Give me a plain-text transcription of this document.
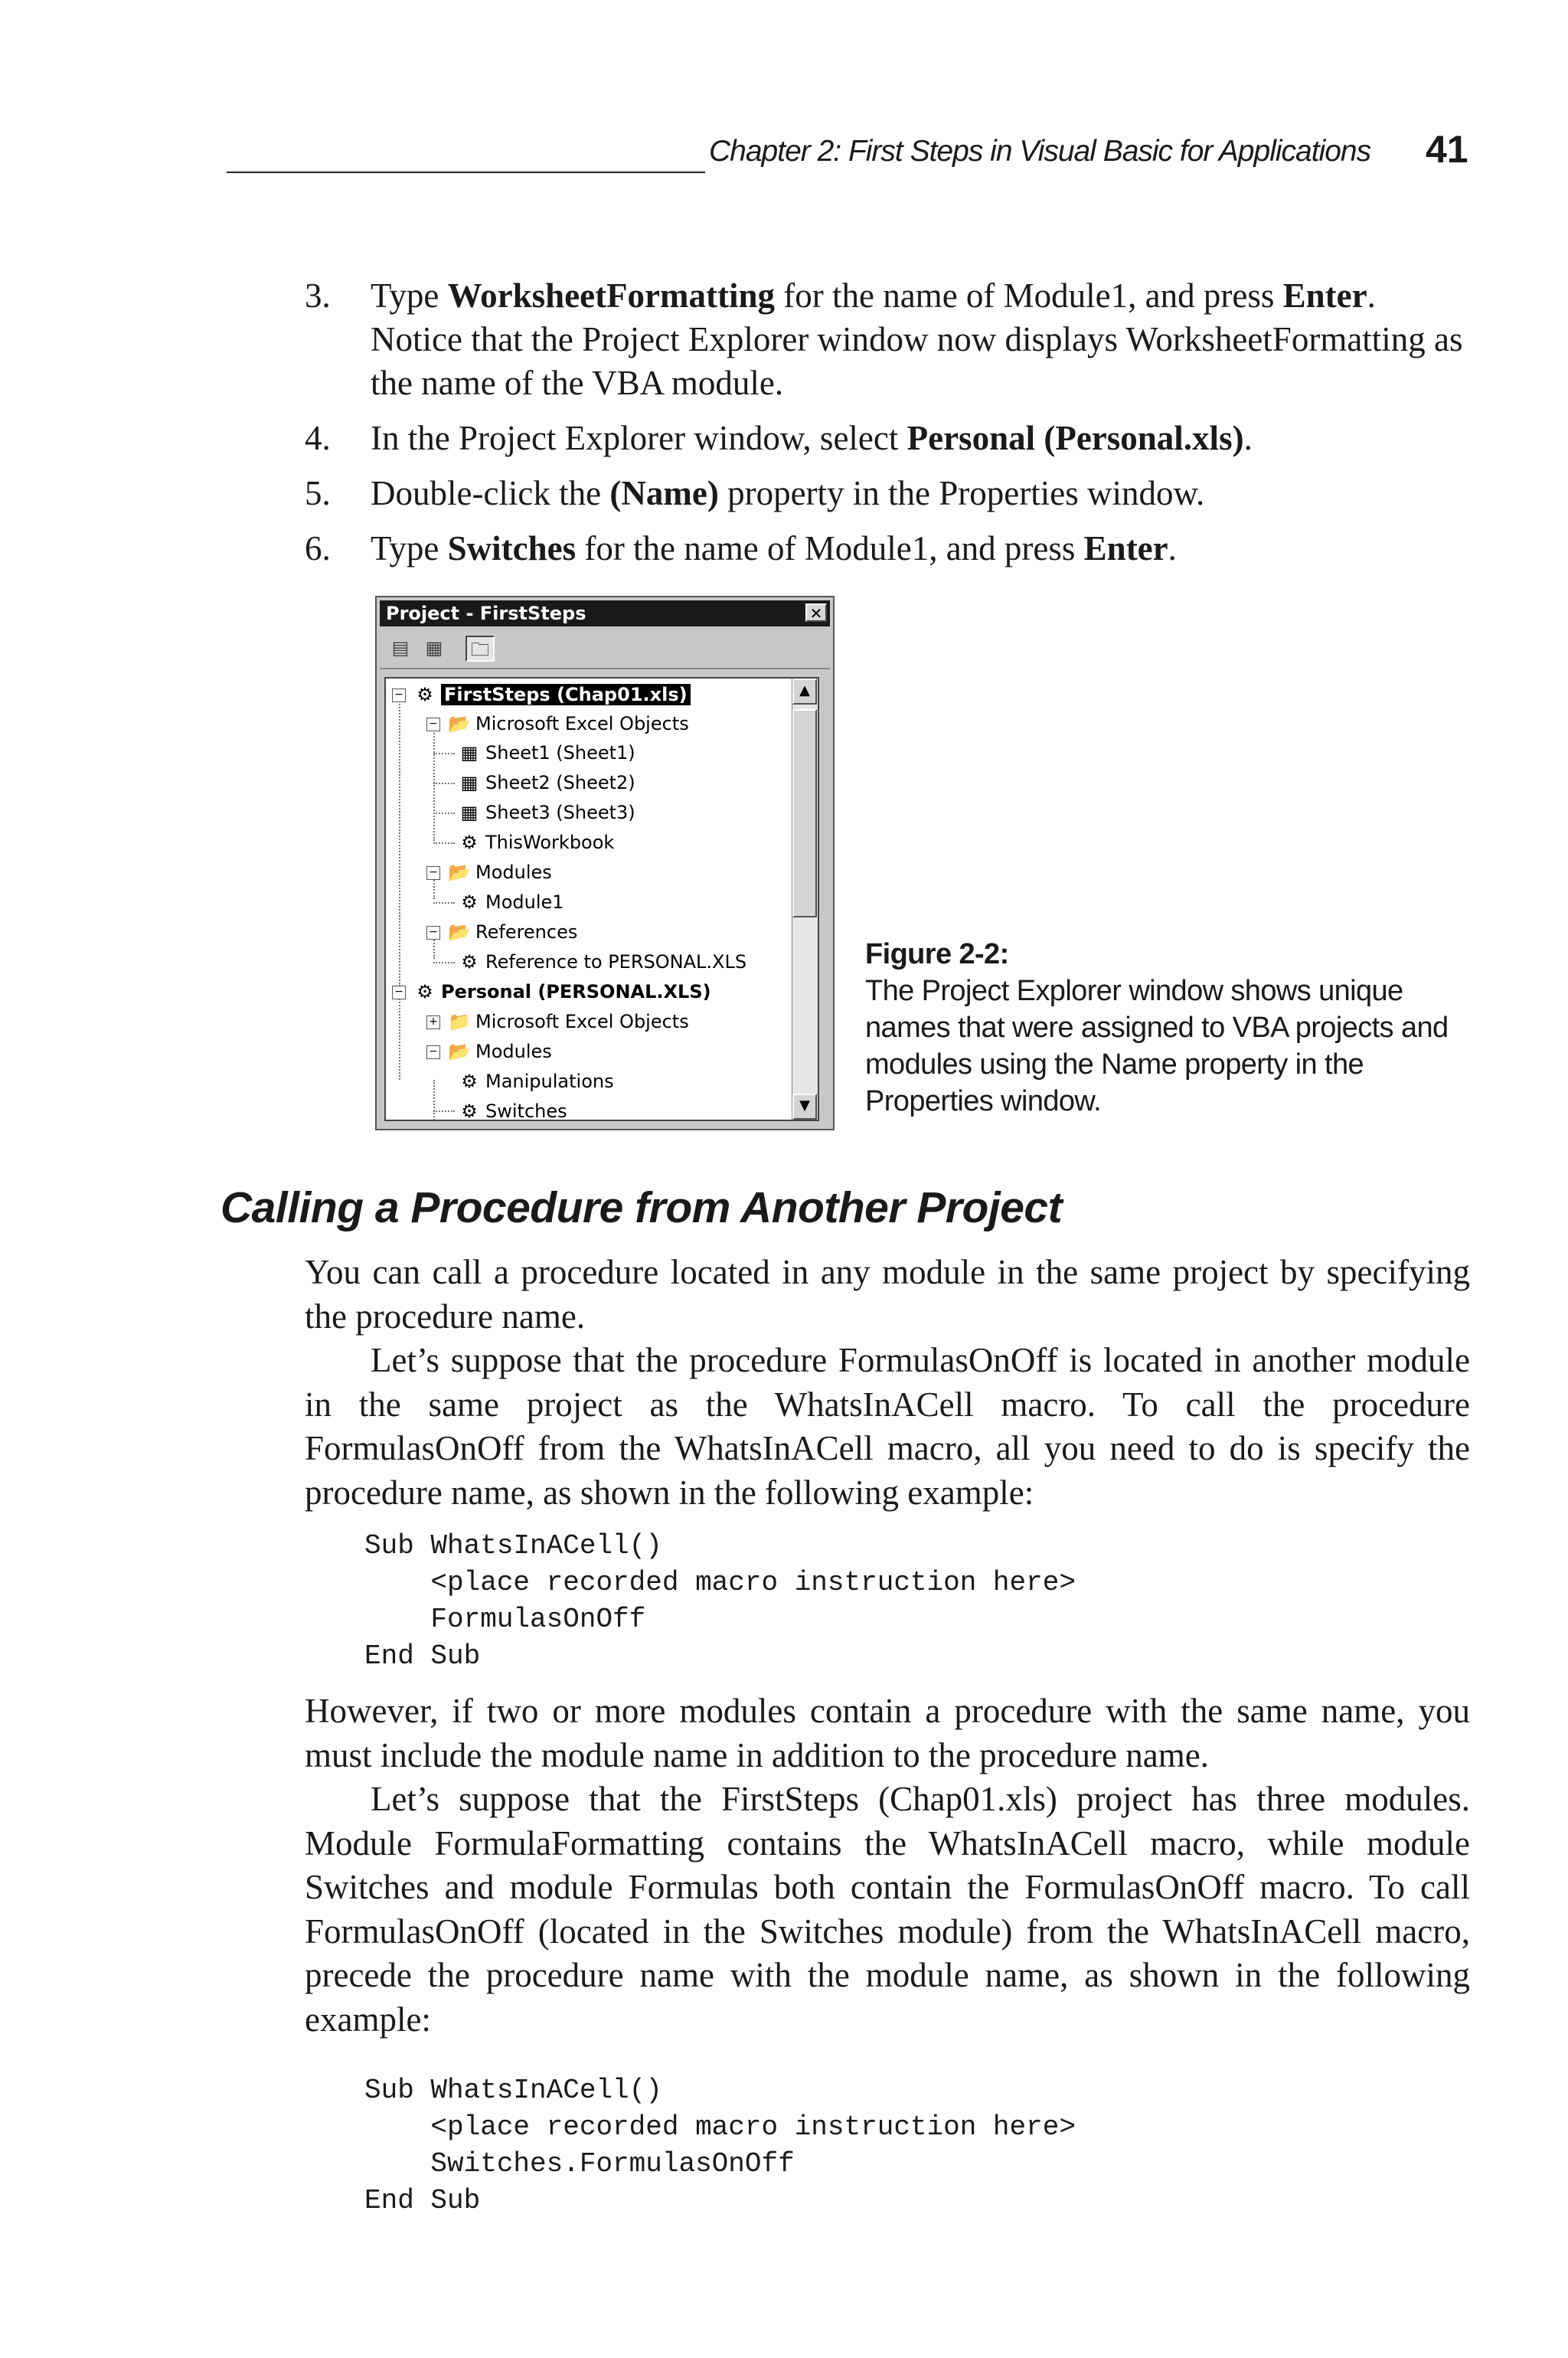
Chapter 2: First Steps in Visual Basic for Applications 41
3. Type WorksheetFormatting for the name of Module1, and press Enter. Notice that the Project Explorer window now displays WorksheetFormatting as the name of the VBA module.
4. In the Project Explorer window, select Personal (Personal.xls).
5. Double-click the (Name) property in the Properties window.
6. Type Switches for the name of Module1, and press Enter.
Project - FirstSteps	✕
▤ ▦	🗀
− ⚙ FirstSteps (Chap01.xls)
− 📂 Microsoft Excel Objects
▦ Sheet1 (Sheet1)
▦ Sheet2 (Sheet2)
▦ Sheet3 (Sheet3)
⚙ ThisWorkbook
− 📂 Modules
⚙ Module1
− 📂 References
⚙ Reference to PERSONAL.XLS
− ⚙ Personal (PERSONAL.XLS)
+ 📁 Microsoft Excel Objects
− 📂 Modules
⚙ Manipulations
⚙ Switches
▲
▼
Figure 2-2:
The Project Explorer window shows unique names that were assigned to VBA projects and modules using the Name property in the Properties window.
Calling a Procedure from Another Project

You can call a procedure located in any module in the same project by specifying the procedure name.

Let’s suppose that the procedure FormulasOnOff is located in another module in the same project as the WhatsInACell macro. To call the procedure FormulasOnOff from the WhatsInACell macro, all you need to do is specify the procedure name, as shown in the following example:

Sub WhatsInACell()
<place recorded macro instruction here>
FormulasOnOff
End Sub

However, if two or more modules contain a procedure with the same name, you must include the module name in addition to the procedure name.

Let’s suppose that the FirstSteps (Chap01.xls) project has three modules. Module FormulaFormatting contains the WhatsInACell macro, while module Switches and module Formulas both contain the FormulasOnOff macro. To call FormulasOnOff (located in the Switches module) from the WhatsInACell macro, precede the procedure name with the module name, as shown in the following example:

Sub WhatsInACell()
<place recorded macro instruction here>
Switches.FormulasOnOff
End Sub
